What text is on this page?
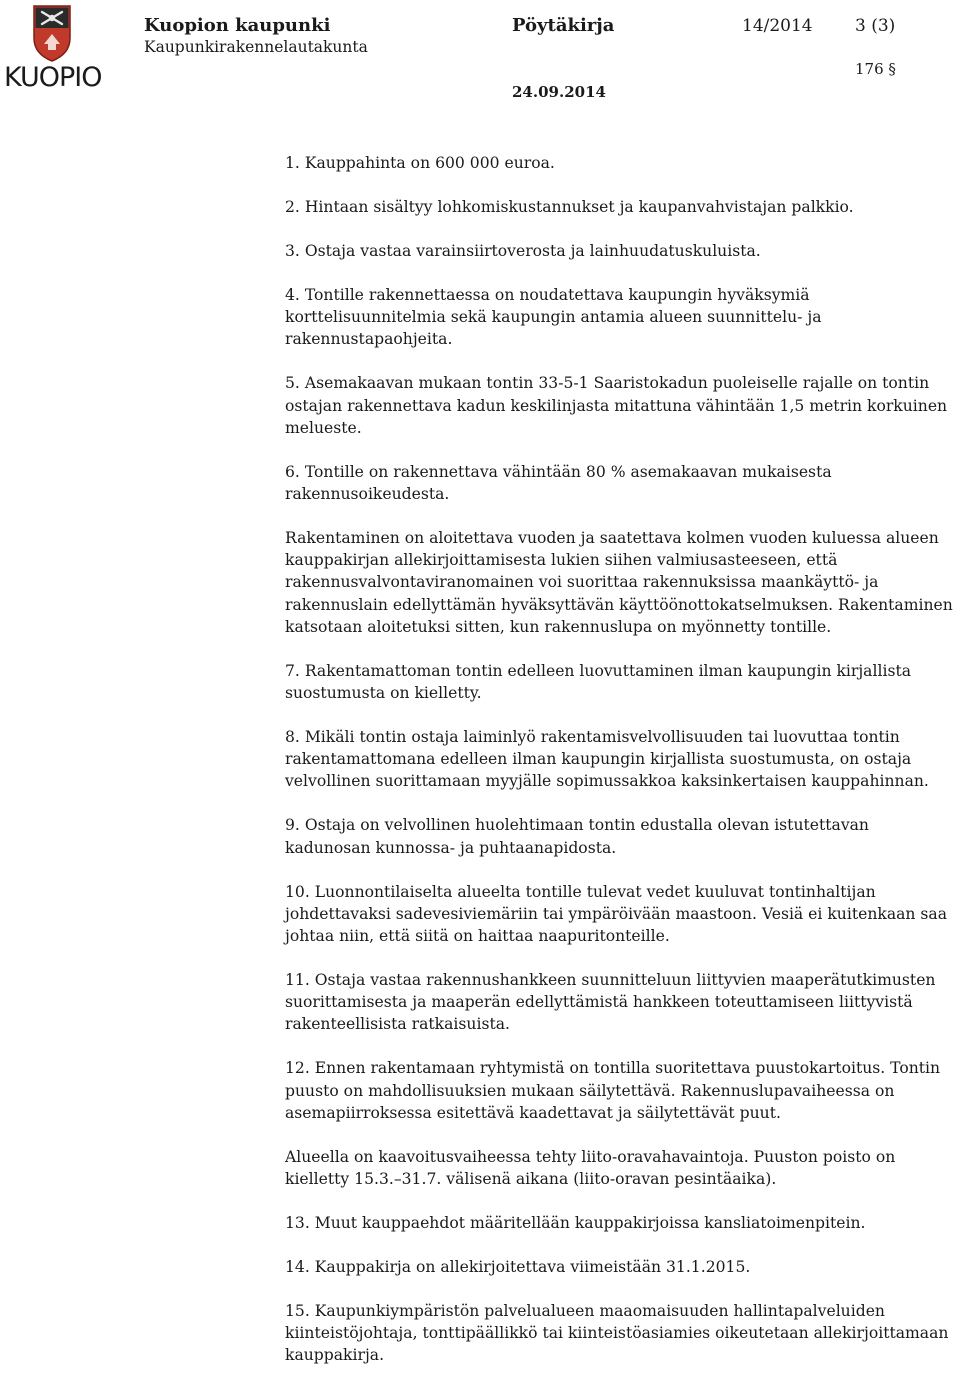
KUOPIO
Kuopion kaupunki
Kaupunkirakennelautakunta
Pöytäkirja	14/2014 3 (3)
176 §
24.09.2014

1. Kauppahinta on 600 000 euroa.

2. Hintaan sisältyy lohkomiskustannukset ja kaupanvahvistajan palkkio.

3. Ostaja vastaa varainsiirtoverosta ja lainhuudatuskuluista.

4. Tontille rakennettaessa on noudatettava kaupungin hyväksymiä korttelisuunnitelmia sekä kaupungin antamia alueen suunnittelu- ja rakennustapaohjeita.

5. Asemakaavan mukaan tontin 33-5-1 Saaristokadun puoleiselle rajalle on tontin ostajan rakennettava kadun keskilinjasta mitattuna vähintään 1,5 metrin korkuinen melueste.

6. Tontille on rakennettava vähintään 80 % asemakaavan mukaisesta rakennusoikeudesta.

Rakentaminen on aloitettava vuoden ja saatettava kolmen vuoden kuluessa alueen kauppakirjan allekirjoittamisesta lukien siihen valmiusasteeseen, että rakennusvalvontaviranomainen voi suorittaa rakennuksissa maankäyttö- ja rakennuslain edellyttämän hyväksyttävän käyttöönottokatselmuksen. Rakentaminen katsotaan aloitetuksi sitten, kun rakennuslupa on myönnetty tontille.

7. Rakentamattoman tontin edelleen luovuttaminen ilman kaupungin kirjallista suostumusta on kielletty.

8. Mikäli tontin ostaja laiminlyö rakentamisvelvollisuuden tai luovuttaa tontin rakentamattomana edelleen ilman kaupungin kirjallista suostumusta, on ostaja velvollinen suorittamaan myyjälle sopimussakkoa kaksinkertaisen kauppahinnan.

9. Ostaja on velvollinen huolehtimaan tontin edustalla olevan istutettavan kadunosan kunnossa- ja puhtaanapidosta.

10. Luonnontilaiselta alueelta tontille tulevat vedet kuuluvat tontinhaltijan johdettavaksi sadevesiviemäriin tai ympäröivään maastoon. Vesiä ei kuitenkaan saa johtaa niin, että siitä on haittaa naapuritonteille.

11. Ostaja vastaa rakennushankkeen suunnitteluun liittyvien maaperätutkimusten suorittamisesta ja maaperän edellyttämistä hankkeen toteuttamiseen liittyvistä rakenteellisista ratkaisuista.

12. Ennen rakentamaan ryhtymistä on tontilla suoritettava puustokartoitus. Tontin puusto on mahdollisuuksien mukaan säilytettävä. Rakennuslupavaiheessa on asemapiirroksessa esitettävä kaadettavat ja säilytettävät puut.

Alueella on kaavoitusvaiheessa tehty liito-oravahavaintoja. Puuston poisto on kielletty 15.3.–31.7. välisenä aikana (liito-oravan pesintäaika).

13. Muut kauppaehdot määritellään kauppakirjoissa kansliatoimenpitein.

14. Kauppakirja on allekirjoitettava viimeistään 31.1.2015.

15. Kaupunkiympäristön palvelualueen maaomaisuuden hallintapalveluiden kiinteistöjohtaja, tonttipäällikkö tai kiinteistöasiamies oikeutetaan allekirjoittamaan kauppakirja.
